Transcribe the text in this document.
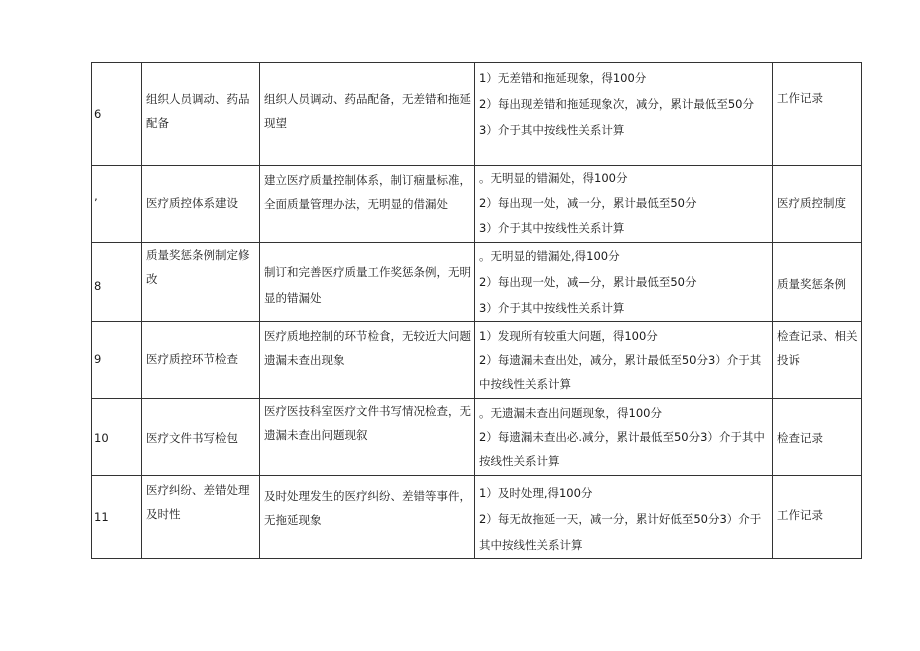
6	组织人员调动、药品配备	组织人员调动、药品配备，无差错和拖延现望	1）无差错和拖延现象，得100分
2）每出现差错和拖延现象次，减分，累计最低至50分
3）介于其中按线性关系计算	工作记录

’	医疗质控体系建设	建立医疗质量控制体系，制订痼量标准，全面质量管理办法，无明显的借漏处	。无明显的错漏处，得100分
2）每出现一处，减一分，累计最低至50分
3）介于其中按线性关系计算	医疗质控制度

8	质量奖惩条例制定修改	制订和完善医疗质量工作奖惩条例，无明显的错漏处	。无明显的错漏处,得100分
2）每出现一处，减—分，累计最低至50分
3）介于其中按线性关系计算	质量奖惩条例

9	医疗质控环节检查	医疗质地控制的环节检食，无较近大问题遗漏未查出现象	1）发现所有较重大问题，得100分
2）每遗漏未查出处，减分，累计最低至50分3）介于其中按线性关系计算	检查记录、相关投诉

10	医疗文件书写检包	医疗医技科室医疗文件书写情况检查，无遗漏未查出问题现叙	。无遗漏未查出问题现象，得100分
2）每遗漏未查出必.减分，累计最低至50分3）介于其中按线性关系计算	检查记录

11	医疗纠纷、差错处理及时性	及时处理发生的医疗纠纷、差错等事件，无拖延现象	1）及时处理,得100分
2）每无故拖延一天，减一分，累计好低至50分3）介于其中按线性关系计算	工作记录
